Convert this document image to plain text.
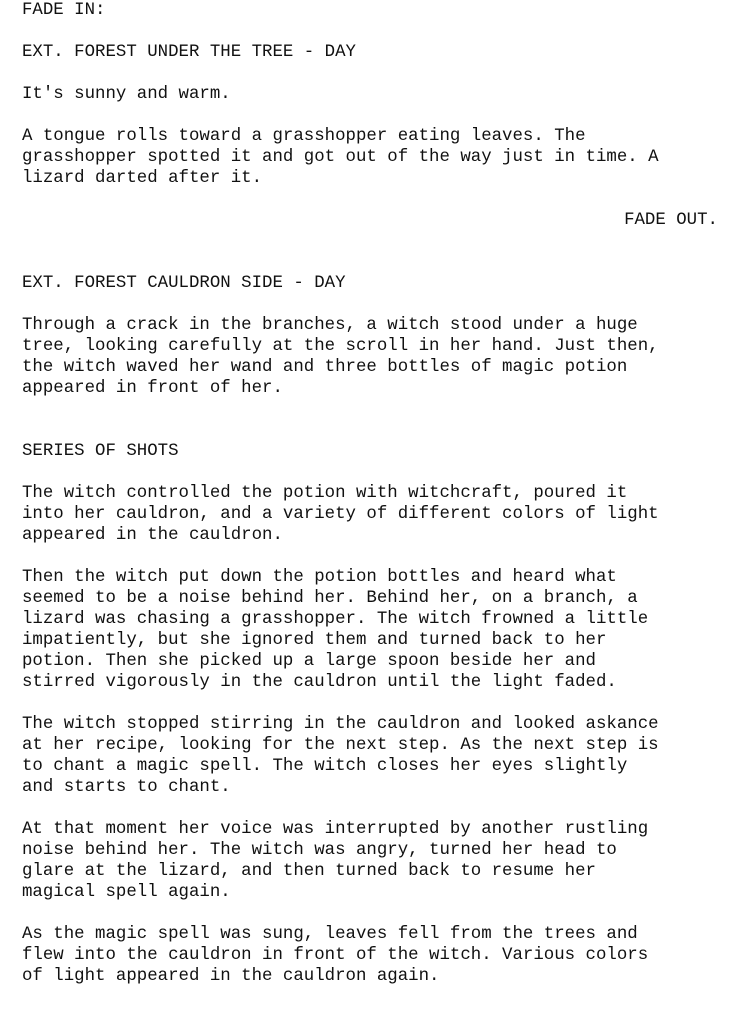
FADE IN:
EXT. FOREST UNDER THE TREE - DAY
It's sunny and warm.
A tongue rolls toward a grasshopper eating leaves. The
grasshopper spotted it and got out of the way just in time. A
lizard darted after it.
FADE OUT.
EXT. FOREST CAULDRON SIDE - DAY
Through a crack in the branches, a witch stood under a huge
tree, looking carefully at the scroll in her hand. Just then,
the witch waved her wand and three bottles of magic potion
appeared in front of her.
SERIES OF SHOTS
The witch controlled the potion with witchcraft, poured it
into her cauldron, and a variety of different colors of light
appeared in the cauldron.
Then the witch put down the potion bottles and heard what
seemed to be a noise behind her. Behind her, on a branch, a
lizard was chasing a grasshopper. The witch frowned a little
impatiently, but she ignored them and turned back to her
potion. Then she picked up a large spoon beside her and
stirred vigorously in the cauldron until the light faded.
The witch stopped stirring in the cauldron and looked askance
at her recipe, looking for the next step. As the next step is
to chant a magic spell. The witch closes her eyes slightly
and starts to chant.
At that moment her voice was interrupted by another rustling
noise behind her. The witch was angry, turned her head to
glare at the lizard, and then turned back to resume her
magical spell again.
As the magic spell was sung, leaves fell from the trees and
flew into the cauldron in front of the witch. Various colors
of light appeared in the cauldron again.
